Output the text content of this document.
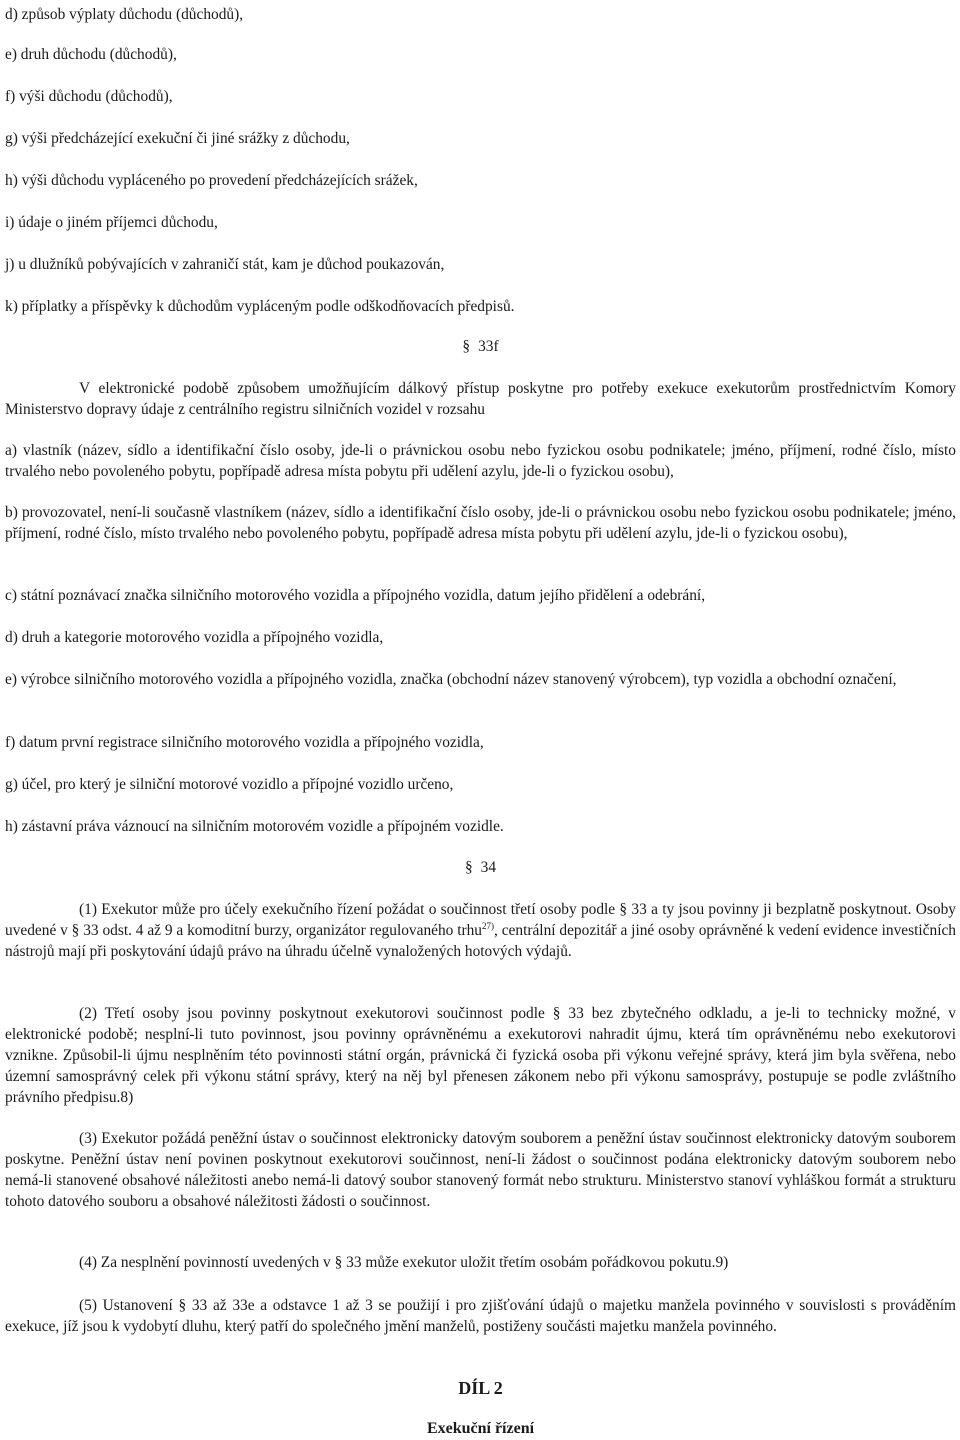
d) způsob výplaty důchodu (důchodů),

e) druh důchodu (důchodů),

f) výši důchodu (důchodů),

g) výši předcházející exekuční či jiné srážky z důchodu,

h) výši důchodu vypláceného po provedení předcházejících srážek,

i) údaje o jiném příjemci důchodu,

j) u dlužníků pobývajících v zahraničí stát, kam je důchod poukazován,

k) příplatky a příspěvky k důchodům vypláceným podle odškodňovacích předpisů.

§ 33f

V elektronické podobě způsobem umožňujícím dálkový přístup poskytne pro potřeby exekuce exekutorům prostřednictvím Komory Ministerstvo dopravy údaje z centrálního registru silničních vozidel v rozsahu

a) vlastník (název, sídlo a identifikační číslo osoby, jde-li o právnickou osobu nebo fyzickou osobu podnikatele; jméno, příjmení, rodné číslo, místo trvalého nebo povoleného pobytu, popřípadě adresa místa pobytu při udělení azylu, jde-li o fyzickou osobu),

b) provozovatel, není-li současně vlastníkem (název, sídlo a identifikační číslo osoby, jde-li o právnickou osobu nebo fyzickou osobu podnikatele; jméno, příjmení, rodné číslo, místo trvalého nebo povoleného pobytu, popřípadě adresa místa pobytu při udělení azylu, jde-li o fyzickou osobu),

c) státní poznávací značka silničního motorového vozidla a přípojného vozidla, datum jejího přidělení a odebrání,

d) druh a kategorie motorového vozidla a přípojného vozidla,

e) výrobce silničního motorového vozidla a přípojného vozidla, značka (obchodní název stanovený výrobcem), typ vozidla a obchodní označení,

f) datum první registrace silničního motorového vozidla a přípojného vozidla,

g) účel, pro který je silniční motorové vozidlo a přípojné vozidlo určeno,

h) zástavní práva váznoucí na silničním motorovém vozidle a přípojném vozidle.

§ 34

(1) Exekutor může pro účely exekučního řízení požádat o součinnost třetí osoby podle § 33 a ty jsou povinny ji bezplatně poskytnout. Osoby uvedené v § 33 odst. 4 až 9 a komoditní burzy, organizátor regulovaného trhu$^{27)}$, centrální depozitář a jiné osoby oprávněné k vedení evidence investičních nástrojů mají při poskytování údajů právo na úhradu účelně vynaložených hotových výdajů.

(2) Třetí osoby jsou povinny poskytnout exekutorovi součinnost podle § 33 bez zbytečného odkladu, a je-li to technicky možné, v elektronické podobě; nesplní-li tuto povinnost, jsou povinny oprávněnému a exekutorovi nahradit újmu, která tím oprávněnému nebo exekutorovi vznikne. Způsobil-li újmu nesplněním této povinnosti státní orgán, právnická či fyzická osoba při výkonu veřejné správy, která jim byla svěřena, nebo územní samosprávný celek při výkonu státní správy, který na něj byl přenesen zákonem nebo při výkonu samosprávy, postupuje se podle zvláštního právního předpisu.8)

(3) Exekutor požádá peněžní ústav o součinnost elektronicky datovým souborem a peněžní ústav součinnost elektronicky datovým souborem poskytne. Peněžní ústav není povinen poskytnout exekutorovi součinnost, není-li žádost o součinnost podána elektronicky datovým souborem nebo nemá-li stanovené obsahové náležitosti anebo nemá-li datový soubor stanovený formát nebo strukturu. Ministerstvo stanoví vyhláškou formát a strukturu tohoto datového souboru a obsahové náležitosti žádosti o součinnost.

(4) Za nesplnění povinností uvedených v § 33 může exekutor uložit třetím osobám pořádkovou pokutu.9)

(5) Ustanovení § 33 až 33e a odstavce 1 až 3 se použijí i pro zjišťování údajů o majetku manžela povinného v souvislosti s prováděním exekuce, jíž jsou k vydobytí dluhu, který patří do společného jmění manželů, postiženy součásti majetku manžela povinného.

DÍL 2
Exekuční řízení
